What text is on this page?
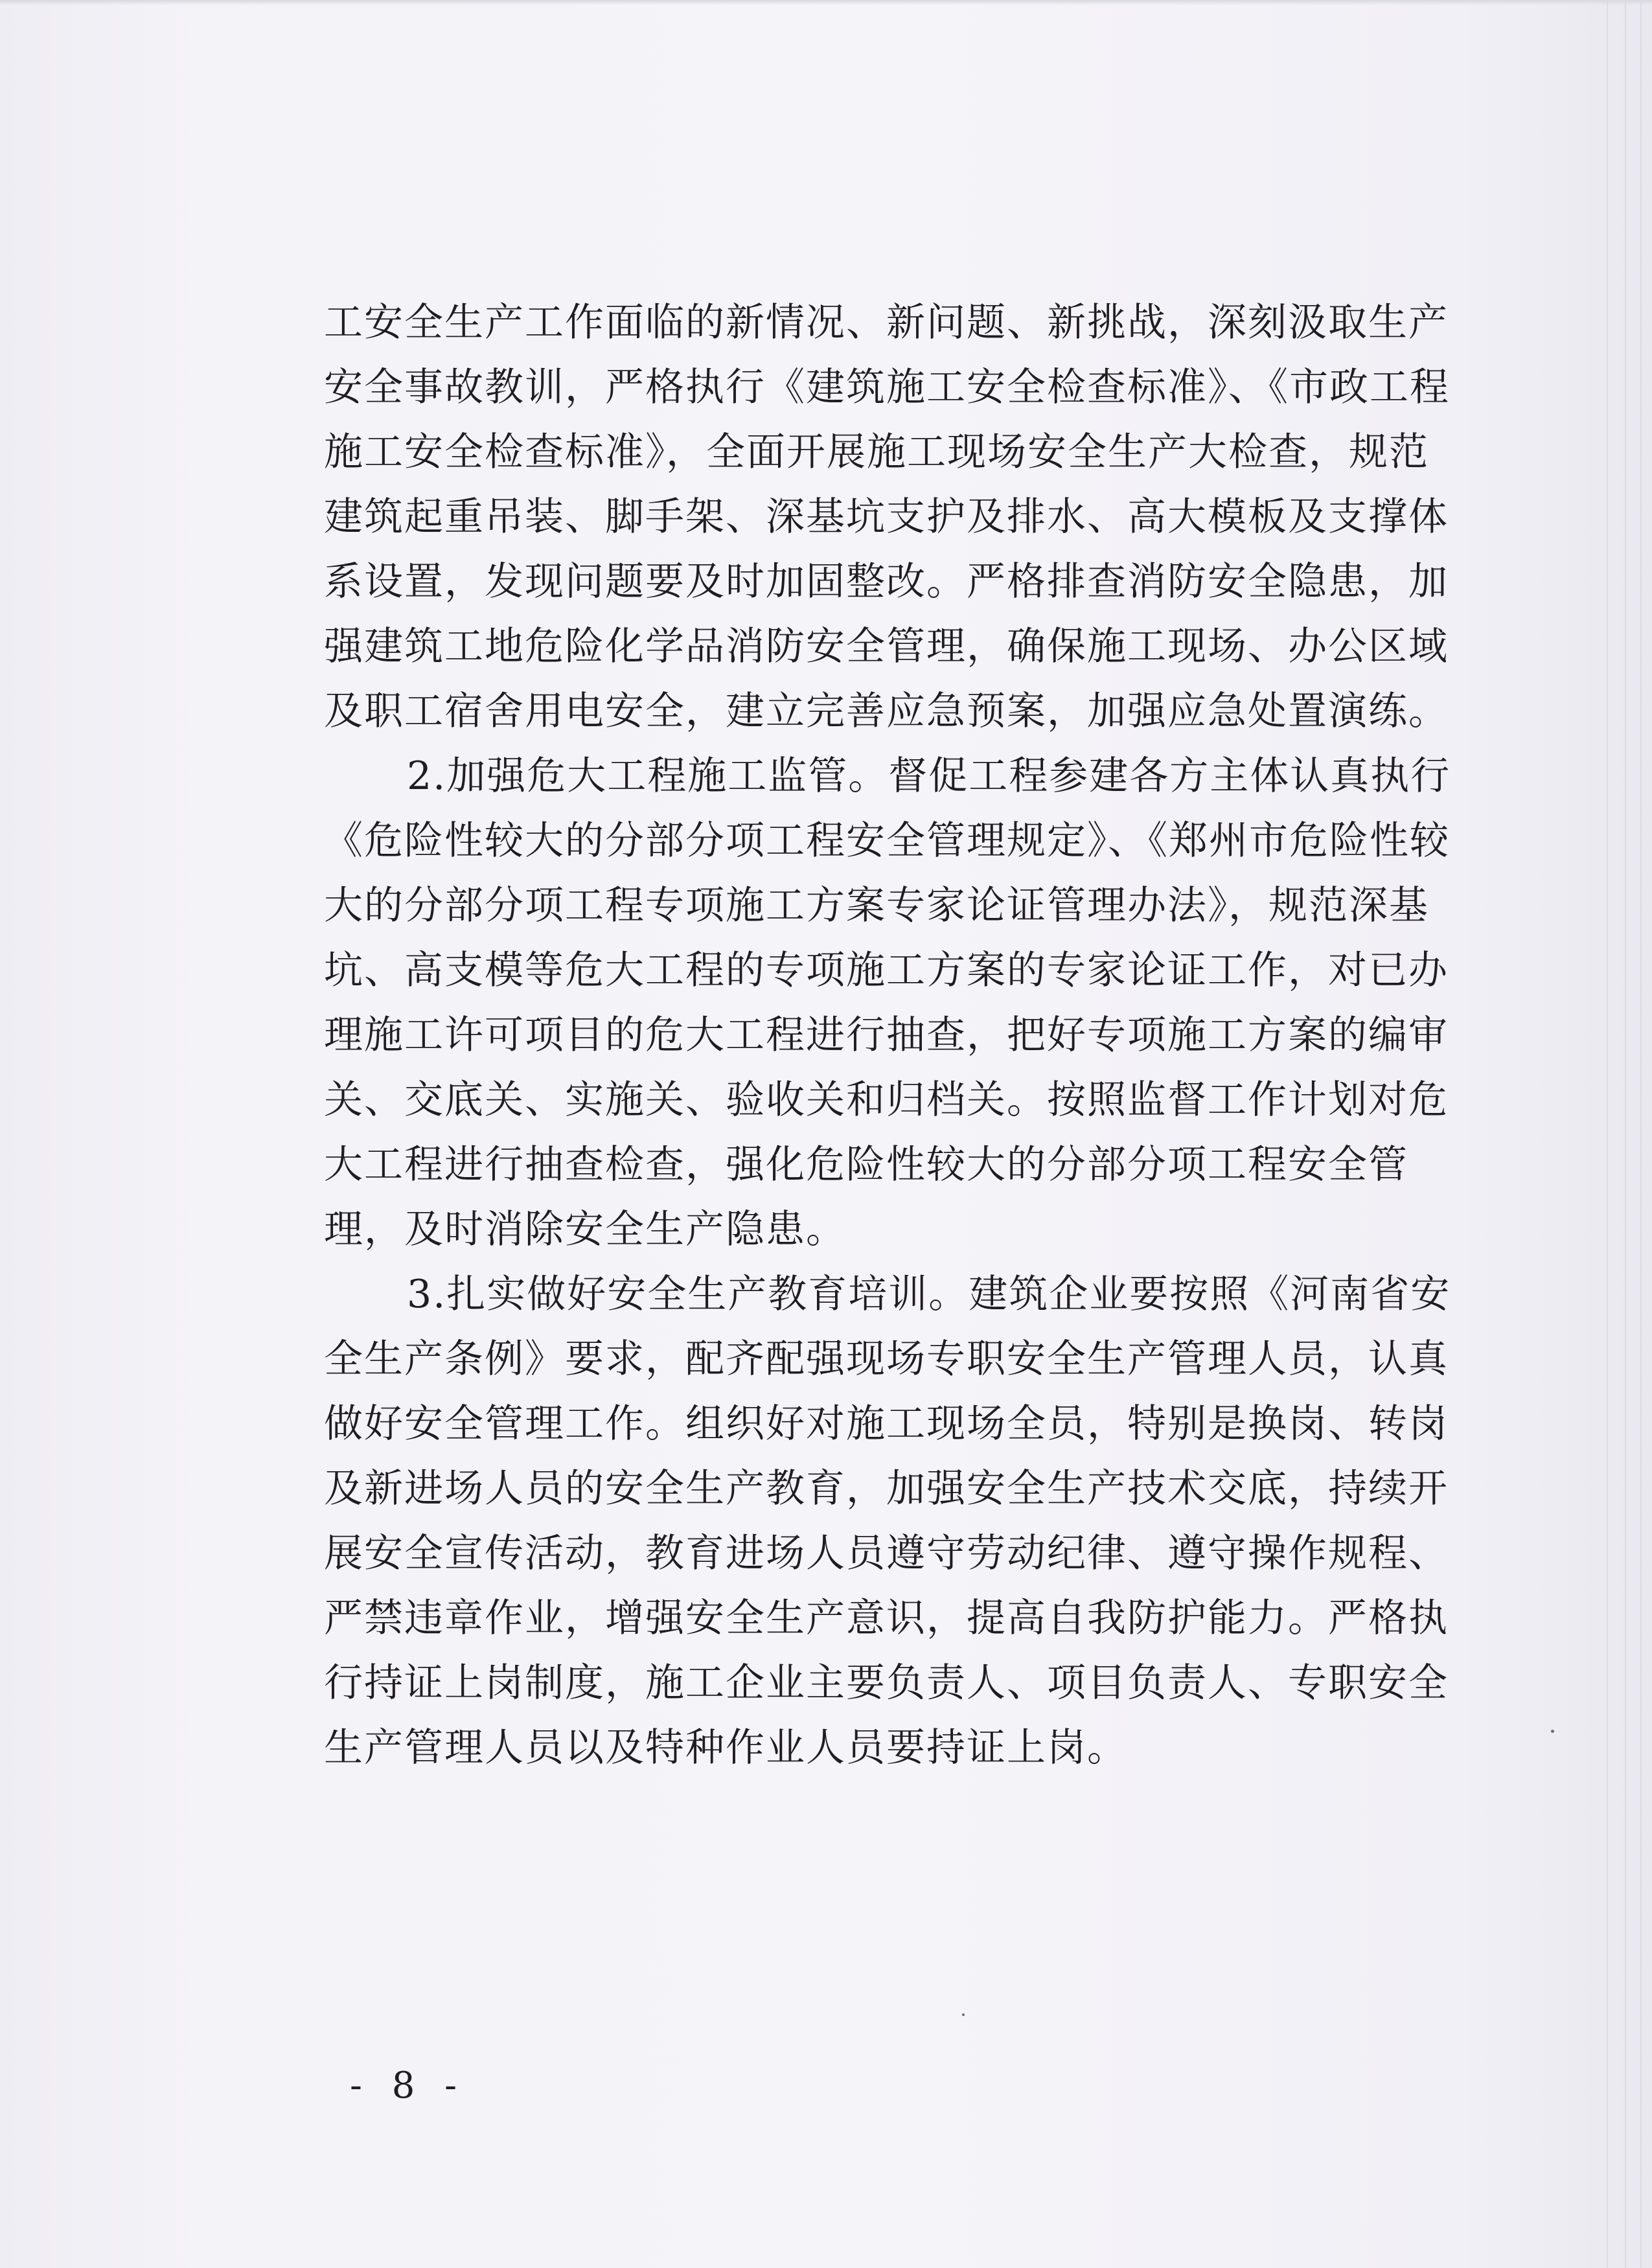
工安全生产工作面临的新情况、新问题、新挑战，深刻汲取生产
安全事故教训，严格执行《建筑施工安全检查标准》、《市政工程
施工安全检查标准》，全面开展施工现场安全生产大检查，规范
建筑起重吊装、脚手架、深基坑支护及排水、高大模板及支撑体
系设置，发现问题要及时加固整改。严格排查消防安全隐患，加
强建筑工地危险化学品消防安全管理，确保施工现场、办公区域
及职工宿舍用电安全，建立完善应急预案，加强应急处置演练。
2.加强危大工程施工监管。督促工程参建各方主体认真执行
《危险性较大的分部分项工程安全管理规定》、《郑州市危险性较
大的分部分项工程专项施工方案专家论证管理办法》，规范深基
坑、高支模等危大工程的专项施工方案的专家论证工作，对已办
理施工许可项目的危大工程进行抽查，把好专项施工方案的编审
关、交底关、实施关、验收关和归档关。按照监督工作计划对危
大工程进行抽查检查，强化危险性较大的分部分项工程安全管
理，及时消除安全生产隐患。
3.扎实做好安全生产教育培训。建筑企业要按照《河南省安
全生产条例》要求，配齐配强现场专职安全生产管理人员，认真
做好安全管理工作。组织好对施工现场全员，特别是换岗、转岗
及新进场人员的安全生产教育，加强安全生产技术交底，持续开
展安全宣传活动，教育进场人员遵守劳动纪律、遵守操作规程、
严禁违章作业，增强安全生产意识，提高自我防护能力。严格执
行持证上岗制度，施工企业主要负责人、项目负责人、专职安全
生产管理人员以及特种作业人员要持证上岗。
- 8 -
